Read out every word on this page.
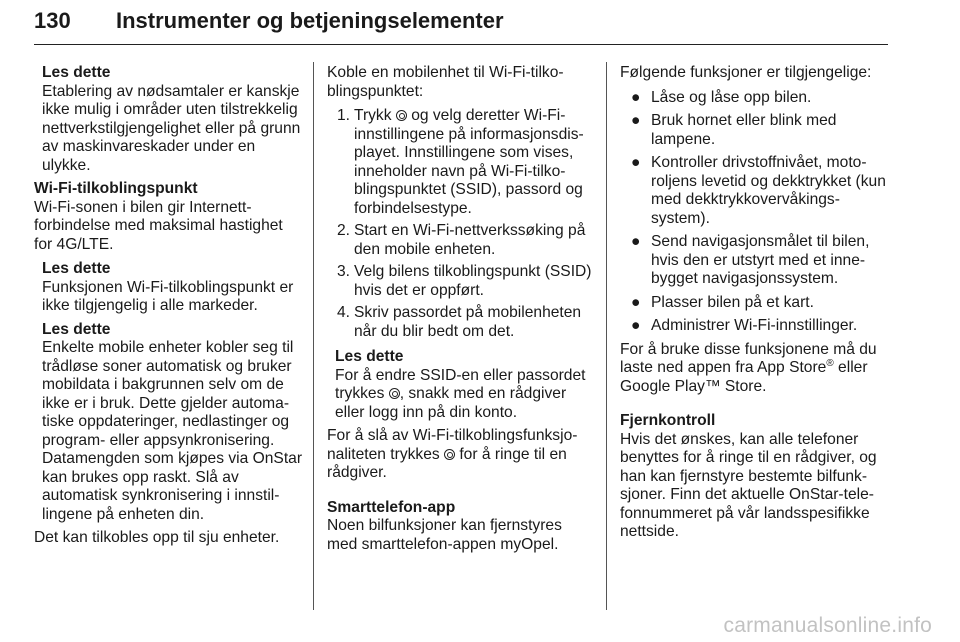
130 Instrumenter og betjeningselementer

Les dette

Etablering av nødsamtaler er kanskje ikke mulig i områder uten tilstrekkelig nettverkstilgjengelighet eller på grunn av maskinvareskader under en ulykke.

Wi-Fi-tilkoblingspunkt

Wi-Fi-sonen i bilen gir Internett-forbindelse med maksimal hastighet for 4G/LTE.

Les dette

Funksjonen Wi-Fi-tilkoblingspunkt er ikke tilgjengelig i alle markeder.

Les dette

Enkelte mobile enheter kobler seg til trådløse soner automatisk og bruker mobildata i bakgrunnen selv om de ikke er i bruk. Dette gjelder automa-tiske oppdateringer, nedlastinger og program- eller appsynkronisering. Datamengden som kjøpes via OnStar kan brukes opp raskt. Slå av automatisk synkronisering i innstil-lingene på enheten din.

Det kan tilkobles opp til sju enheter.

Koble en mobilenhet til Wi-Fi-tilko-blingspunktet:

1. Trykk  og velg deretter Wi-Fi-innstillingene på informasjonsdis-playet. Innstillingene som vises, inneholder navn på Wi-Fi-tilko-blingspunktet (SSID), passord og forbindelsestype.
2. Start en Wi-Fi-nettverkssøking på den mobile enheten.
3. Velg bilens tilkoblingspunkt (SSID) hvis det er oppført.
4. Skriv passordet på mobilenheten når du blir bedt om det.

Les dette

For å endre SSID-en eller passordet trykkes , snakk med en rådgiver eller logg inn på din konto.

For å slå av Wi-Fi-tilkoblingsfunksjo-naliteten trykkes  for å ringe til en rådgiver.

Smarttelefon-app

Noen bilfunksjoner kan fjernstyres med smarttelefon-appen myOpel.

Følgende funksjoner er tilgjengelige:

● Låse og låse opp bilen.
● Bruk hornet eller blink med lampene.
● Kontroller drivstoffnivået, moto-roljens levetid og dekktrykket (kun med dekktrykkovervåkings-system).
● Send navigasjonsmålet til bilen, hvis den er utstyrt med et inne-bygget navigasjonssystem.
● Plasser bilen på et kart.
● Administrer Wi-Fi-innstillinger.

For å bruke disse funksjonene må du laste ned appen fra App Store® eller Google Play™ Store.

Fjernkontroll

Hvis det ønskes, kan alle telefoner benyttes for å ringe til en rådgiver, og han kan fjernstyre bestemte bilfunk-sjoner. Finn det aktuelle OnStar-tele-fonnummeret på vår landsspesifikke nettside.

carmanualsonline.info
